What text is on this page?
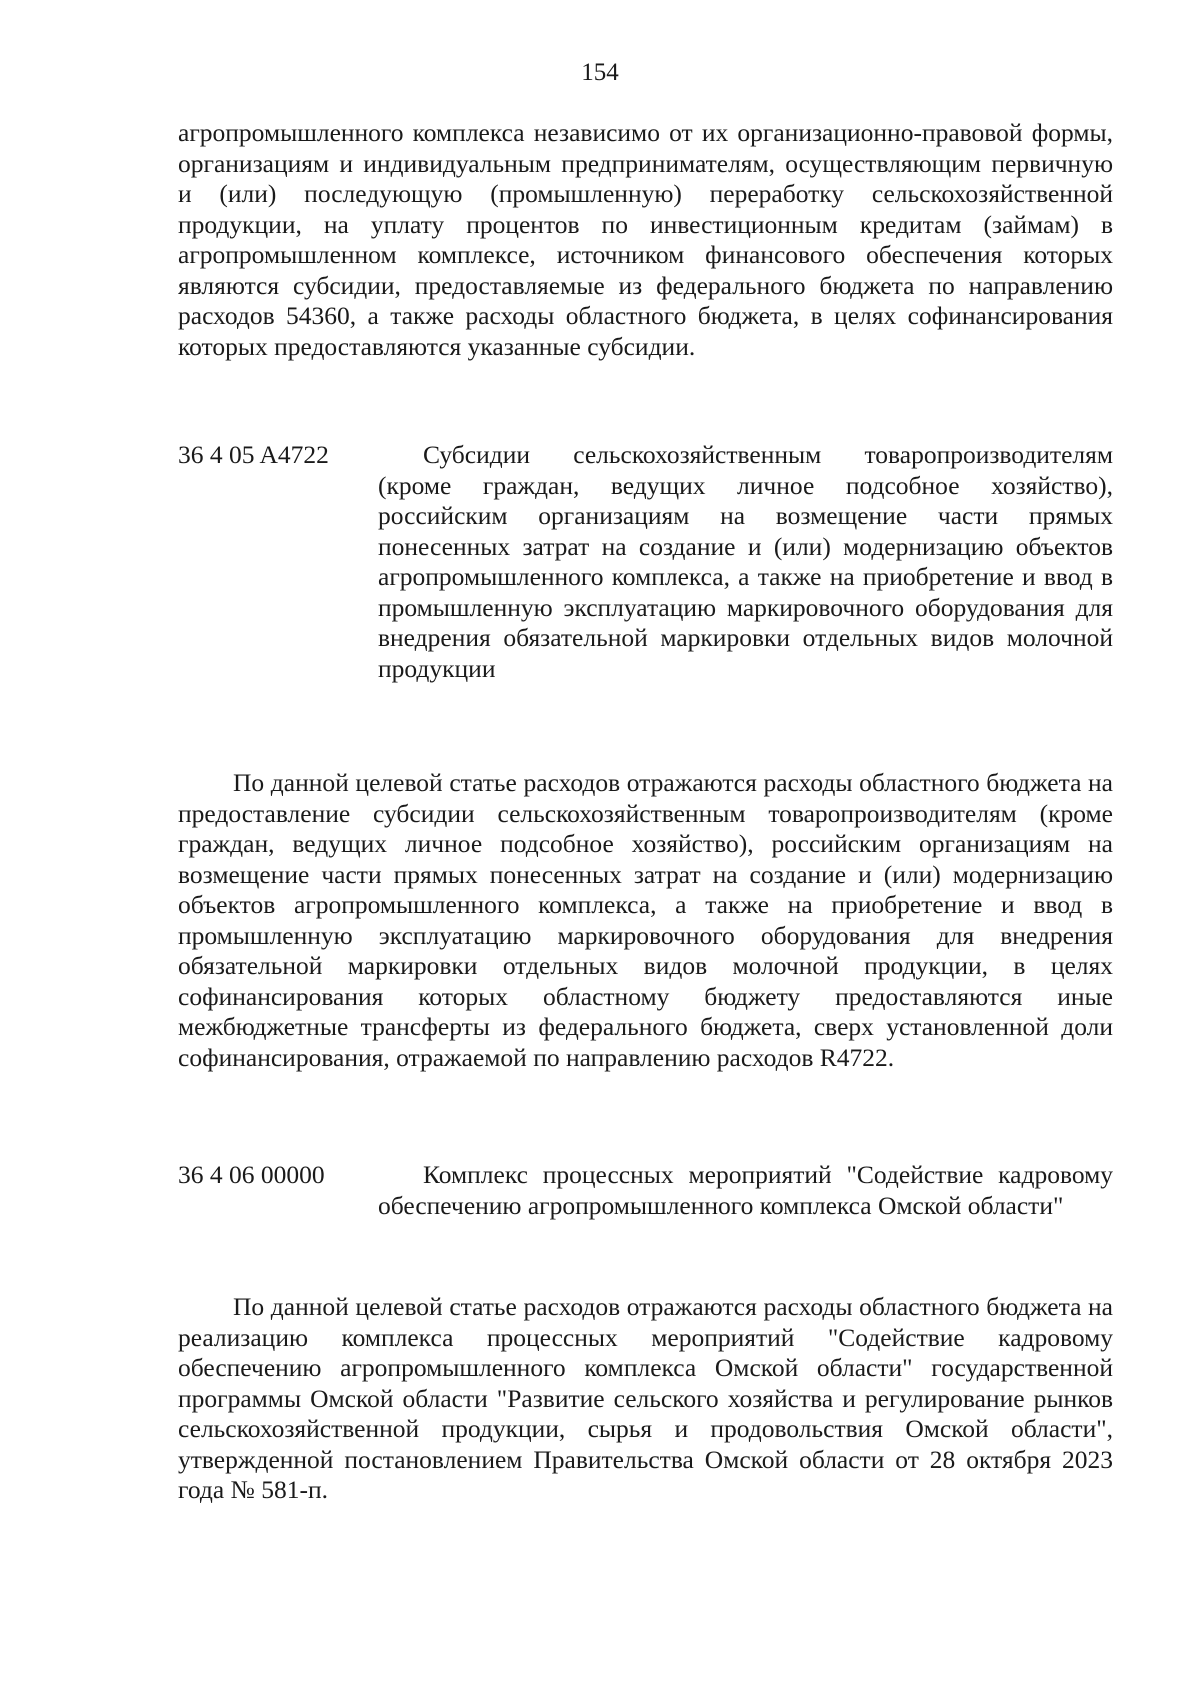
154

агропромышленного комплекса независимо от их организационно-правовой формы, организациям и индивидуальным предпринимателям, осуществляющим первичную и (или) последующую (промышленную) переработку сельскохозяйственной продукции, на уплату процентов по инвестиционным кредитам (займам) в агропромышленном комплексе, источником финансового обеспечения которых являются субсидии, предоставляемые из федерального бюджета по направлению расходов 54360, а также расходы областного бюджета, в целях софинансирования которых предоставляются указанные субсидии.

36 4 05 A4722	Субсидии сельскохозяйственным товаропроизводителям (кроме граждан, ведущих личное подсобное хозяйство), российским организациям на возмещение части прямых понесенных затрат на создание и (или) модернизацию объектов агропромышленного комплекса, а также на приобретение и ввод в промышленную эксплуатацию маркировочного оборудования для внедрения обязательной маркировки отдельных видов молочной продукции

По данной целевой статье расходов отражаются расходы областного бюджета на предоставление субсидии сельскохозяйственным товаропроизводителям (кроме граждан, ведущих личное подсобное хозяйство), российским организациям на возмещение части прямых понесенных затрат на создание и (или) модернизацию объектов агропромышленного комплекса, а также на приобретение и ввод в промышленную эксплуатацию маркировочного оборудования для внедрения обязательной маркировки отдельных видов молочной продукции, в целях софинансирования которых областному бюджету предоставляются иные межбюджетные трансферты из федерального бюджета, сверх установленной доли софинансирования, отражаемой по направлению расходов R4722.

36 4 06 00000	Комплекс процессных мероприятий "Содействие кадровому обеспечению агропромышленного комплекса Омской области"

По данной целевой статье расходов отражаются расходы областного бюджета на реализацию комплекса процессных мероприятий "Содействие кадровому обеспечению агропромышленного комплекса Омской области" государственной программы Омской области "Развитие сельского хозяйства и регулирование рынков сельскохозяйственной продукции, сырья и продовольствия Омской области", утвержденной постановлением Правительства Омской области от 28 октября 2023 года № 581-п.
